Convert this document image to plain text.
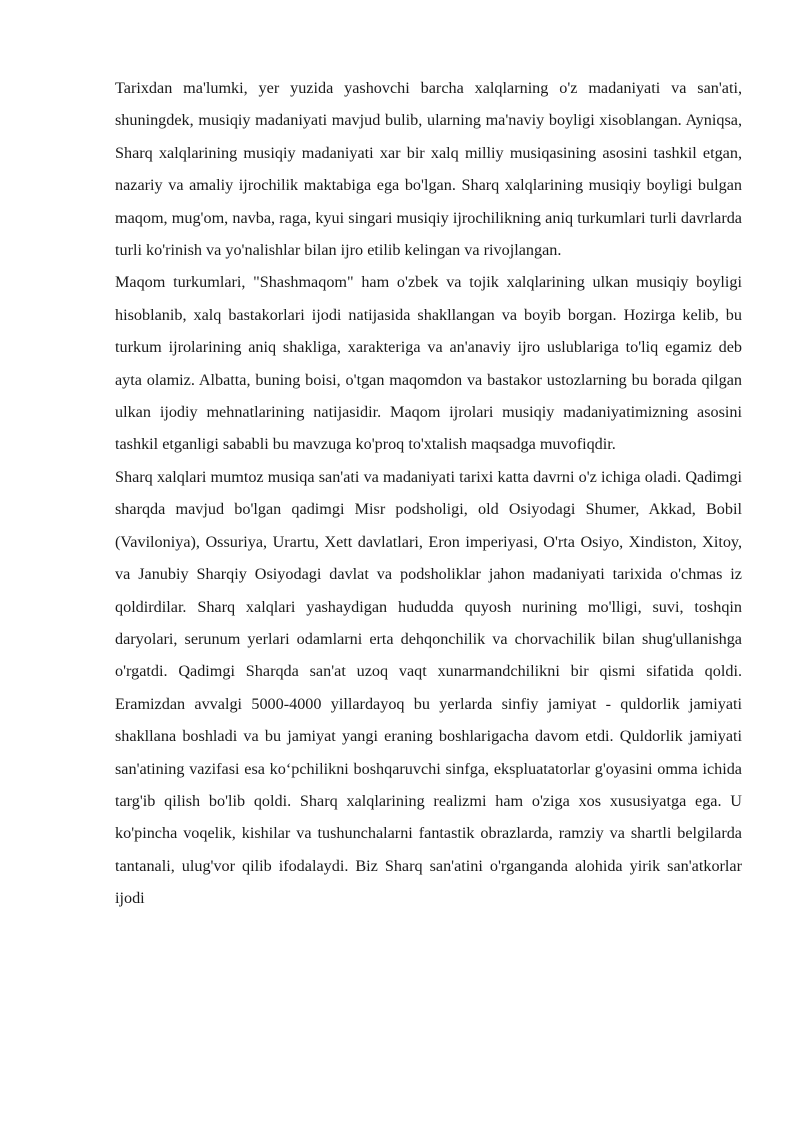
Tarixdan ma'lumki, yer yuzida yashovchi barcha xalqlarning o'z madaniyati va san'ati, shuningdek, musiqiy madaniyati mavjud bulib, ularning ma'naviy boyligi xisoblangan. Ayniqsa, Sharq xalqlarining musiqiy madaniyati xar bir xalq milliy musiqasining asosini tashkil etgan, nazariy va amaliy ijrochilik maktabiga ega bo'lgan. Sharq xalqlarining musiqiy boyligi bulgan maqom, mug'om, navba, raga, kyui singari musiqiy ijrochilikning aniq turkumlari turli davrlarda turli ko'rinish va yo'nalishlar bilan ijro etilib kelingan va rivojlangan.

Maqom turkumlari, "Shashmaqom" ham o'zbek va tojik xalqlarining ulkan musiqiy boyligi hisoblanib, xalq bastakorlari ijodi natijasida shakllangan va boyib borgan. Hozirga kelib, bu turkum ijrolarining aniq shakliga, xarakteriga va an'anaviy ijro uslublariga to'liq egamiz deb ayta olamiz. Albatta, buning boisi, o'tgan maqomdon va bastakor ustozlarning bu borada qilgan ulkan ijodiy mehnatlarining natijasidir. Maqom ijrolari musiqiy madaniyatimizning asosini tashkil etganligi sababli bu mavzuga ko'proq to'xtalish maqsadga muvofiqdir.

Sharq xalqlari mumtoz musiqa san'ati va madaniyati tarixi katta davrni o'z ichiga oladi. Qadimgi sharqda mavjud bo'lgan qadimgi Misr podsholigi, old Osiyodagi Shumer, Akkad, Bobil (Vaviloniya), Ossuriya, Urartu, Xett davlatlari, Eron imperiyasi, O'rta Osiyo, Xindiston, Xitoy, va Janubiy Sharqiy Osiyodagi davlat va podsholiklar jahon madaniyati tarixida o'chmas iz qoldirdilar. Sharq xalqlari yashaydigan hududda quyosh nurining mo'lligi, suvi, toshqin daryolari, serunum yerlari odamlarni erta dehqonchilik va chorvachilik bilan shug'ullanishga o'rgatdi. Qadimgi Sharqda san'at uzoq vaqt xunarmandchilikni bir qismi sifatida qoldi. Eramizdan avvalgi 5000-4000 yillardayoq bu yerlarda sinfiy jamiyat - quldorlik jamiyati shakllana boshladi va bu jamiyat yangi eraning boshlarigacha davom etdi. Quldorlik jamiyati san'atining vazifasi esa ko‘pchilikni boshqaruvchi sinfga, ekspluatatorlar g'oyasini omma ichida targ'ib qilish bo'lib qoldi. Sharq xalqlarining realizmi ham o'ziga xos xususiyatga ega. U ko'pincha voqelik, kishilar va tushunchalarni fantastik obrazlarda, ramziy va shartli belgilarda tantanali, ulug'vor qilib ifodalaydi. Biz Sharq san'atini o'rganganda alohida yirik san'atkorlar ijodi
